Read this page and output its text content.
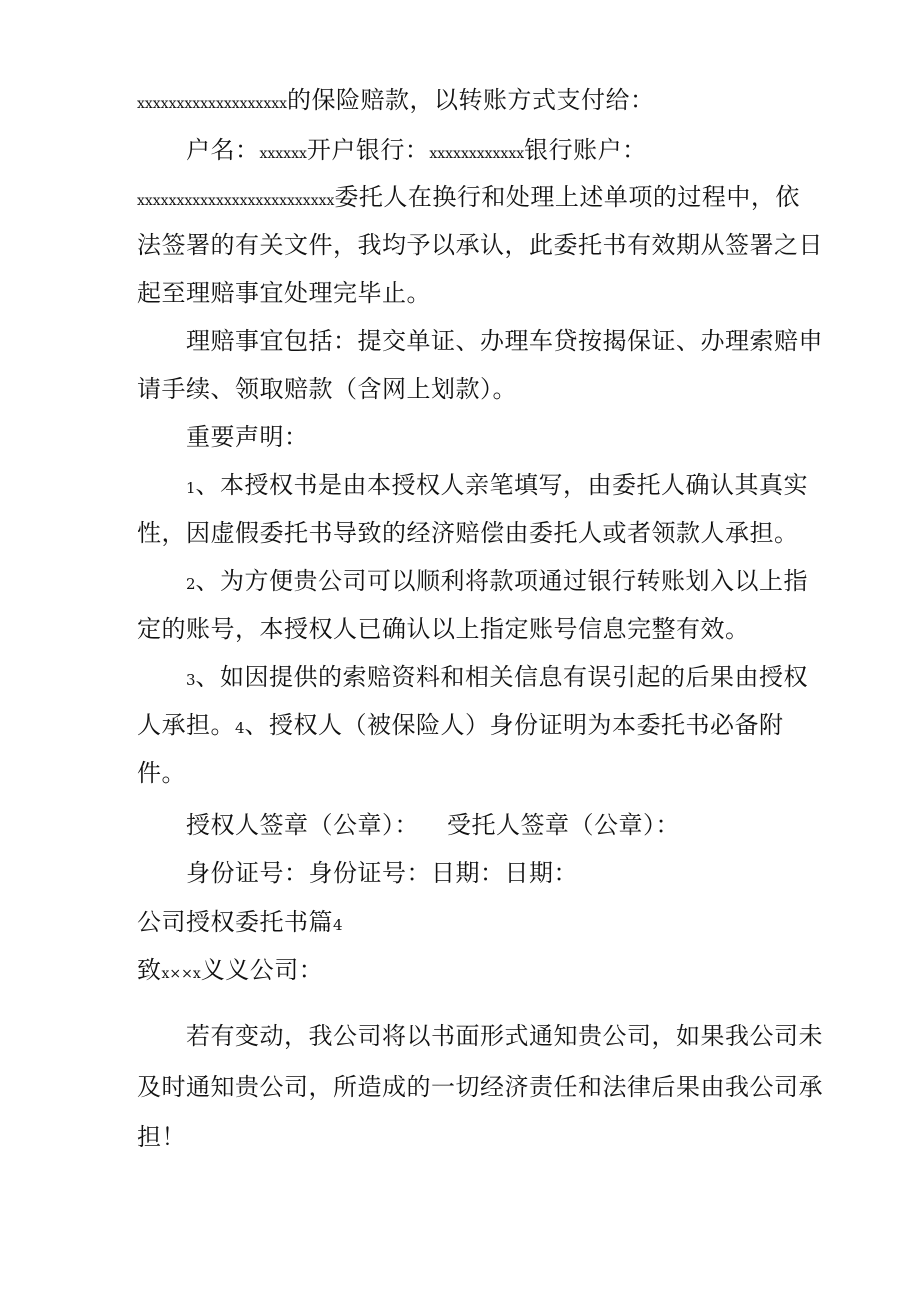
xxxxxxxxxxxxxxxxxxx的保险赔款，以转账方式支付给：
户名：xxxxxx开户银行：xxxxxxxxxxxx银行账户：
xxxxxxxxxxxxxxxxxxxxxxxxx委托人在换行和处理上述单项的过程中，依
法签署的有关文件，我均予以承认，此委托书有效期从签署之日
起至理赔事宜处理完毕止。
理赔事宜包括：提交单证、办理车贷按揭保证、办理索赔申
请手续、领取赔款（含网上划款）。
重要声明：
1、本授权书是由本授权人亲笔填写，由委托人确认其真实
性，因虚假委托书导致的经济赔偿由委托人或者领款人承担。
2、为方便贵公司可以顺利将款项通过银行转账划入以上指
定的账号，本授权人已确认以上指定账号信息完整有效。
3、如因提供的索赔资料和相关信息有误引起的后果由授权
人承担。4、授权人（被保险人）身份证明为本委托书必备附
件。
授权人签章（公章）： 受托人签章（公章）：
身份证号：身份证号：日期：日期：
公司授权委托书篇4
致x××x义义公司：
若有变动，我公司将以书面形式通知贵公司，如果我公司未
及时通知贵公司，所造成的一切经济责任和法律后果由我公司承
担！
